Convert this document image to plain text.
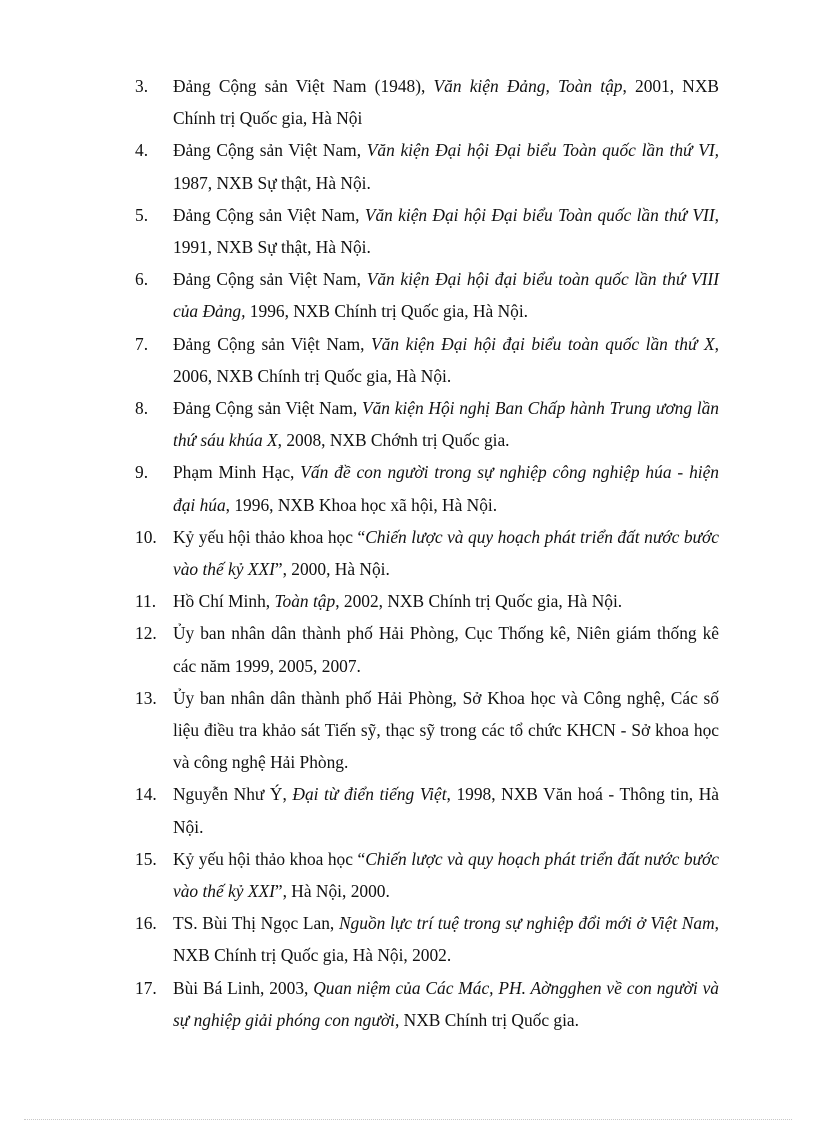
3. Đảng Cộng sản Việt Nam (1948), Văn kiện Đảng, Toàn tập, 2001, NXB Chính trị Quốc gia, Hà Nội
4. Đảng Cộng sản Việt Nam, Văn kiện Đại hội Đại biểu Toàn quốc lần thứ VI, 1987, NXB Sự thật, Hà Nội.
5. Đảng Cộng sản Việt Nam, Văn kiện Đại hội Đại biểu Toàn quốc lần thứ VII, 1991, NXB Sự thật, Hà Nội.
6. Đảng Cộng sản Việt Nam, Văn kiện Đại hội đại biểu toàn quốc lần thứ VIII của Đảng, 1996, NXB Chính trị Quốc gia, Hà Nội.
7. Đảng Cộng sản Việt Nam, Văn kiện Đại hội đại biểu toàn quốc lần thứ X, 2006, NXB Chính trị Quốc gia, Hà Nội.
8. Đảng Cộng sản Việt Nam, Văn kiện Hội nghị Ban Chấp hành Trung ương lần thứ sáu khúa X, 2008, NXB Chớnh trị Quốc gia.
9. Phạm Minh Hạc, Vấn đề con người trong sự nghiệp công nghiệp húa - hiện đại húa, 1996, NXB Khoa học xã hội, Hà Nội.
10. Kỷ yếu hội thảo khoa học “Chiến lược và quy hoạch phát triển đất nước bước vào thế kỷ XXI”, 2000, Hà Nội.
11. Hồ Chí Minh, Toàn tập, 2002, NXB Chính trị Quốc gia, Hà Nội.
12. Ủy ban nhân dân thành phố Hải Phòng, Cục Thống kê, Niên giám thống kê các năm 1999, 2005, 2007.
13. Ủy ban nhân dân thành phố Hải Phòng, Sở Khoa học và Công nghệ, Các số liệu điều tra khảo sát Tiến sỹ, thạc sỹ trong các tổ chức KHCN - Sở khoa học và công nghệ Hải Phòng.
14. Nguyễn Như Ý, Đại từ điển tiếng Việt, 1998, NXB Văn hoá - Thông tin, Hà Nội.
15. Kỷ yếu hội thảo khoa học “Chiến lược và quy hoạch phát triển đất nước bước vào thế kỷ XXI”, Hà Nội, 2000.
16. TS. Bùi Thị Ngọc Lan, Nguồn lực trí tuệ trong sự nghiệp đổi mới ở Việt Nam, NXB Chính trị Quốc gia, Hà Nội, 2002.
17. Bùi Bá Linh, 2003, Quan niệm của Các Mác, PH. Aờngghen về con người và sự nghiệp giải phóng con người, NXB Chính trị Quốc gia.
